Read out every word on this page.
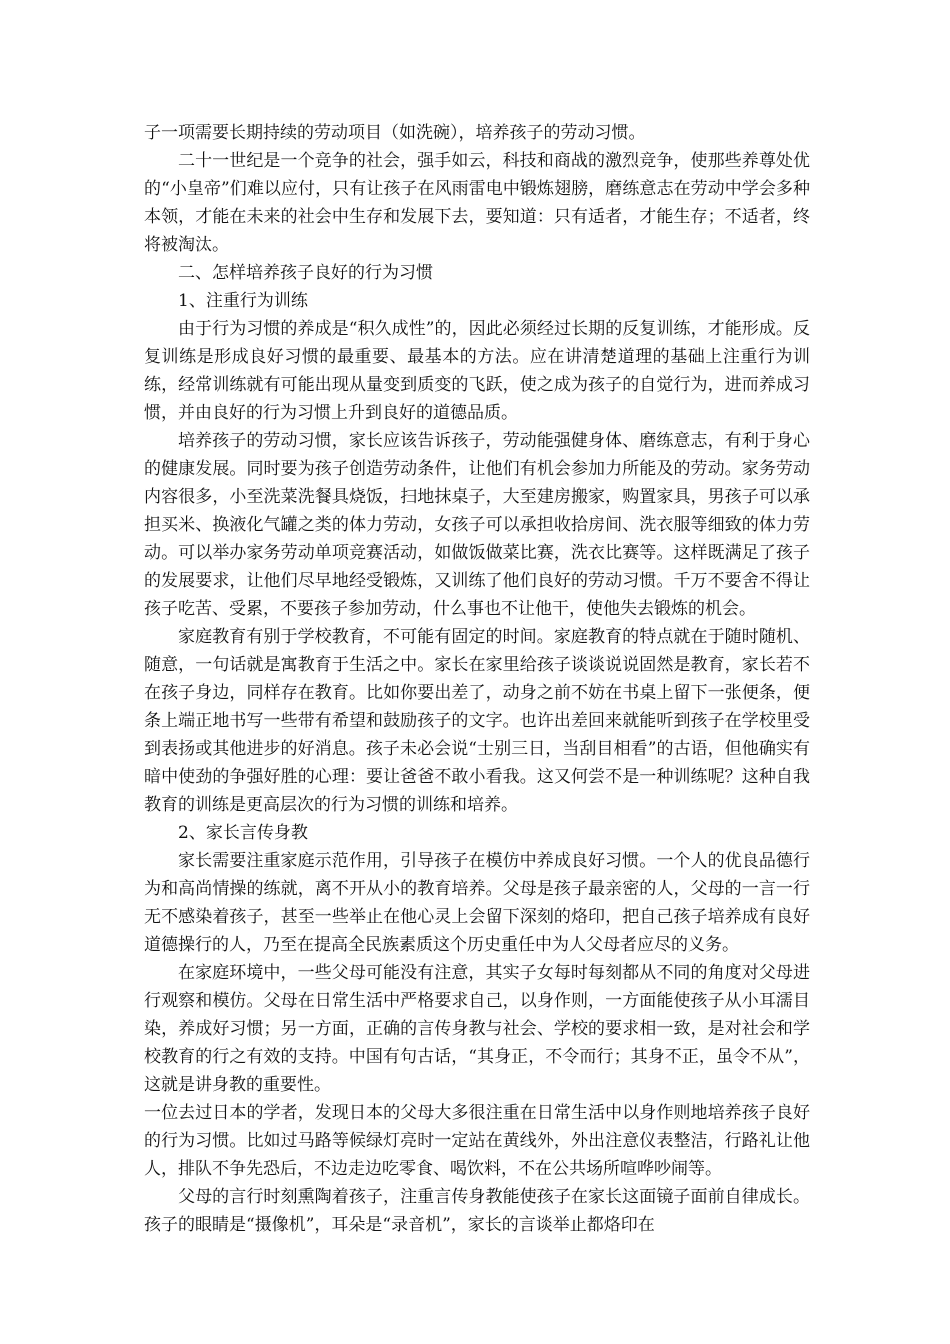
子一项需要长期持续的劳动项目（如洗碗），培养孩子的劳动习惯。

二十一世纪是一个竞争的社会，强手如云，科技和商战的激烈竞争，使那些养尊处优的“小皇帝”们难以应付，只有让孩子在风雨雷电中锻炼翅膀，磨练意志在劳动中学会多种本领，才能在未来的社会中生存和发展下去，要知道：只有适者，才能生存；不适者，终将被淘汰。

二、怎样培养孩子良好的行为习惯

1、注重行为训练

由于行为习惯的养成是“积久成性”的，因此必须经过长期的反复训练，才能形成。反复训练是形成良好习惯的最重要、最基本的方法。应在讲清楚道理的基础上注重行为训练，经常训练就有可能出现从量变到质变的飞跃，使之成为孩子的自觉行为，进而养成习惯，并由良好的行为习惯上升到良好的道德品质。

培养孩子的劳动习惯，家长应该告诉孩子，劳动能强健身体、磨练意志，有利于身心的健康发展。同时要为孩子创造劳动条件，让他们有机会参加力所能及的劳动。家务劳动内容很多，小至洗菜洗餐具烧饭，扫地抹桌子，大至建房搬家，购置家具，男孩子可以承担买米、换液化气罐之类的体力劳动，女孩子可以承担收拾房间、洗衣服等细致的体力劳动。可以举办家务劳动单项竞赛活动，如做饭做菜比赛，洗衣比赛等。这样既满足了孩子的发展要求，让他们尽早地经受锻炼，又训练了他们良好的劳动习惯。千万不要舍不得让孩子吃苦、受累，不要孩子参加劳动，什么事也不让他干，使他失去锻炼的机会。

家庭教育有别于学校教育，不可能有固定的时间。家庭教育的特点就在于随时随机、随意，一句话就是寓教育于生活之中。家长在家里给孩子谈谈说说固然是教育，家长若不在孩子身边，同样存在教育。比如你要出差了，动身之前不妨在书桌上留下一张便条，便条上端正地书写一些带有希望和鼓励孩子的文字。也许出差回来就能听到孩子在学校里受到表扬或其他进步的好消息。孩子未必会说“士别三日，当刮目相看”的古语，但他确实有暗中使劲的争强好胜的心理：要让爸爸不敢小看我。这又何尝不是一种训练呢？这种自我教育的训练是更高层次的行为习惯的训练和培养。

2、家长言传身教

家长需要注重家庭示范作用，引导孩子在模仿中养成良好习惯。一个人的优良品德行为和高尚情操的练就，离不开从小的教育培养。父母是孩子最亲密的人，父母的一言一行无不感染着孩子，甚至一些举止在他心灵上会留下深刻的烙印，把自己孩子培养成有良好道德操行的人，乃至在提高全民族素质这个历史重任中为人父母者应尽的义务。

在家庭环境中，一些父母可能没有注意，其实子女每时每刻都从不同的角度对父母进行观察和模仿。父母在日常生活中严格要求自己，以身作则，一方面能使孩子从小耳濡目染，养成好习惯；另一方面，正确的言传身教与社会、学校的要求相一致，是对社会和学校教育的行之有效的支持。中国有句古话，“其身正，不令而行；其身不正，虽令不从”，这就是讲身教的重要性。

一位去过日本的学者，发现日本的父母大多很注重在日常生活中以身作则地培养孩子良好的行为习惯。比如过马路等候绿灯亮时一定站在黄线外，外出注意仪表整洁，行路礼让他人，排队不争先恐后，不边走边吃零食、喝饮料，不在公共场所喧哗吵闹等。

父母的言行时刻熏陶着孩子，注重言传身教能使孩子在家长这面镜子面前自律成长。孩子的眼睛是“摄像机”，耳朵是“录音机”，家长的言谈举止都烙印在
